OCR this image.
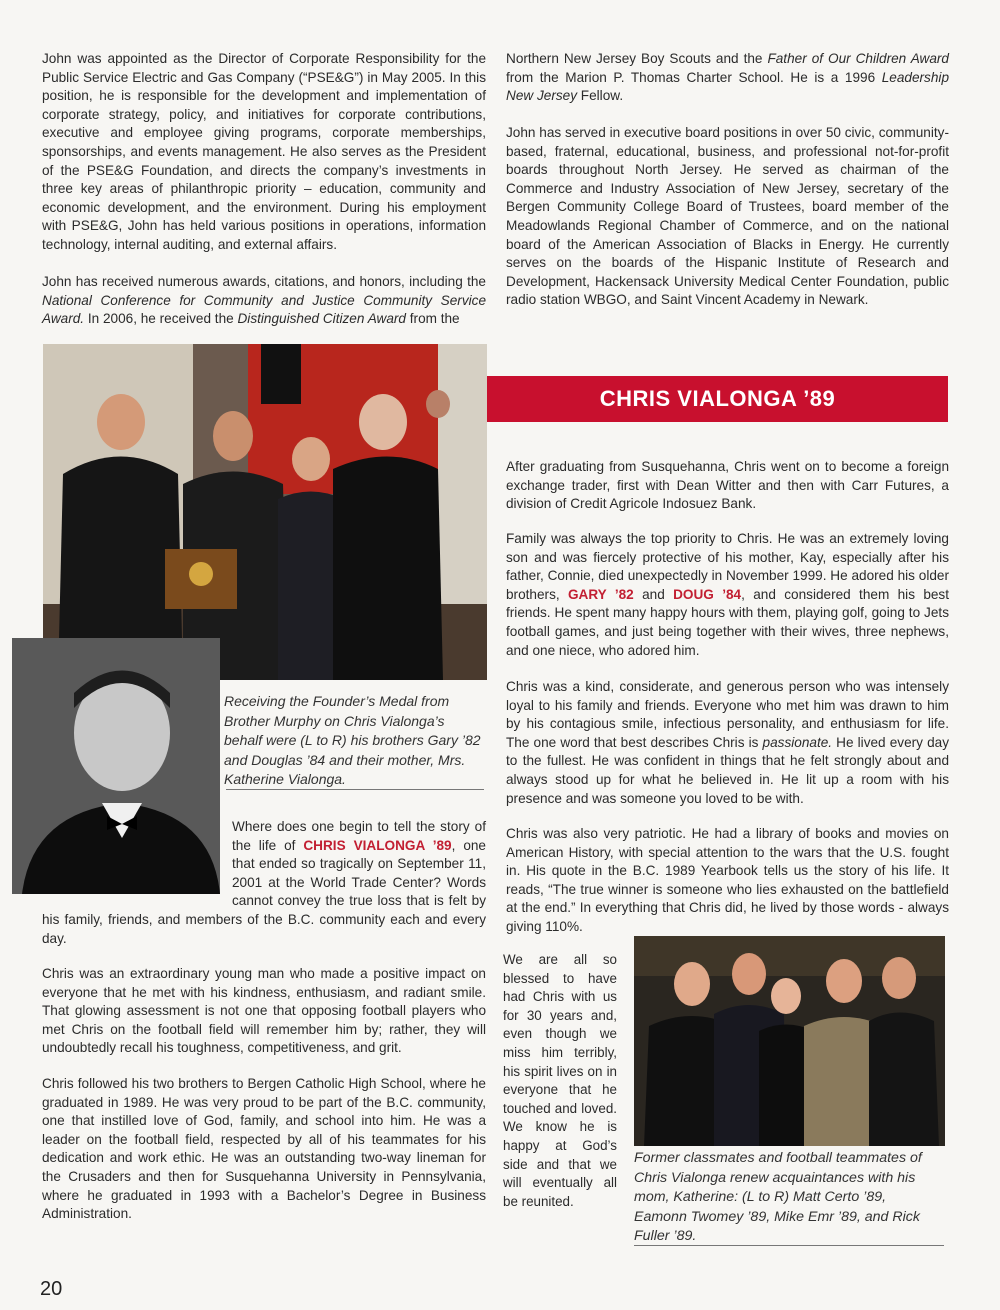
John was appointed as the Director of Corporate Responsibility for the Public Service Electric and Gas Company (“PSE&G”) in May 2005. In this position, he is responsible for the development and implementation of corporate strategy, policy, and initiatives for corporate contributions, executive and employee giving programs, corporate memberships, sponsorships, and events management. He also serves as the President of the PSE&G Foundation, and directs the company’s investments in three key areas of philanthropic priority – education, community and economic development, and the environment. During his employment with PSE&G, John has held various positions in operations, information technology, internal auditing, and external affairs.

John has received numerous awards, citations, and honors, including the National Conference for Community and Justice Community Service Award. In 2006, he received the Distinguished Citizen Award from the

Northern New Jersey Boy Scouts and the Father of Our Children Award from the Marion P. Thomas Charter School. He is a 1996 Leadership New Jersey Fellow.

John has served in executive board positions in over 50 civic, community-based, fraternal, educational, business, and professional not-for-profit boards throughout North Jersey. He served as chairman of the Commerce and Industry Association of New Jersey, secretary of the Bergen Community College Board of Trustees, board member of the Meadowlands Regional Chamber of Commerce, and on the national board of the American Association of Blacks in Energy. He currently serves on the boards of the Hispanic Institute of Research and Development, Hackensack University Medical Center Foundation, public radio station WBGO, and Saint Vincent Academy in Newark.

CHRIS VIALONGA ’89

Receiving the Founder’s Medal from Brother Murphy on Chris Vialonga’s behalf were (L to R) his brothers Gary ’82 and Douglas ’84 and their mother, Mrs. Katherine Vialonga.

Where does one begin to tell the story of the life of CHRIS VIALONGA ’89, one that ended so tragically on September 11, 2001 at the World Trade Center? Words cannot convey the true loss that is felt by his family, friends, and members of the B.C. community each and every day.

Chris was an extraordinary young man who made a positive impact on everyone that he met with his kindness, enthusiasm, and radiant smile. That glowing assessment is not one that opposing football players who met Chris on the football field will remember him by; rather, they will undoubtedly recall his toughness, competitiveness, and grit.

Chris followed his two brothers to Bergen Catholic High School, where he graduated in 1989. He was very proud to be part of the B.C. community, one that instilled love of God, family, and school into him. He was a leader on the football field, respected by all of his teammates for his dedication and work ethic. He was an outstanding two-way lineman for the Crusaders and then for Susquehanna University in Pennsylvania, where he graduated in 1993 with a Bachelor’s Degree in Business Administration.

After graduating from Susquehanna, Chris went on to become a foreign exchange trader, first with Dean Witter and then with Carr Futures, a division of Credit Agricole Indosuez Bank.

Family was always the top priority to Chris. He was an extremely loving son and was fiercely protective of his mother, Kay, especially after his father, Connie, died unexpectedly in November 1999. He adored his older brothers, GARY ’82 and DOUG ’84, and considered them his best friends. He spent many happy hours with them, playing golf, going to Jets football games, and just being together with their wives, three nephews, and one niece, who adored him.

Chris was a kind, considerate, and generous person who was intensely loyal to his family and friends. Everyone who met him was drawn to him by his contagious smile, infectious personality, and enthusiasm for life. The one word that best describes Chris is passionate. He lived every day to the fullest. He was confident in things that he felt strongly about and always stood up for what he believed in. He lit up a room with his presence and was someone you loved to be with.

Chris was also very patriotic. He had a library of books and movies on American History, with special attention to the wars that the U.S. fought in. His quote in the B.C. 1989 Yearbook tells us the story of his life. It reads, “The true winner is someone who lies exhausted on the battlefield at the end.” In everything that Chris did, he lived by those words - always giving 110%.

We are all so blessed to have had Chris with us for 30 years and, even though we miss him terribly, his spirit lives on in everyone that he touched and loved. We know he is happy at God’s side and that we will eventually all be reunited.

Former classmates and football teammates of Chris Vialonga renew acquaintances with his mom, Katherine: (L to R) Matt Certo ’89, Eamonn Twomey ’89, Mike Emr ’89, and Rick Fuller ’89.

20
